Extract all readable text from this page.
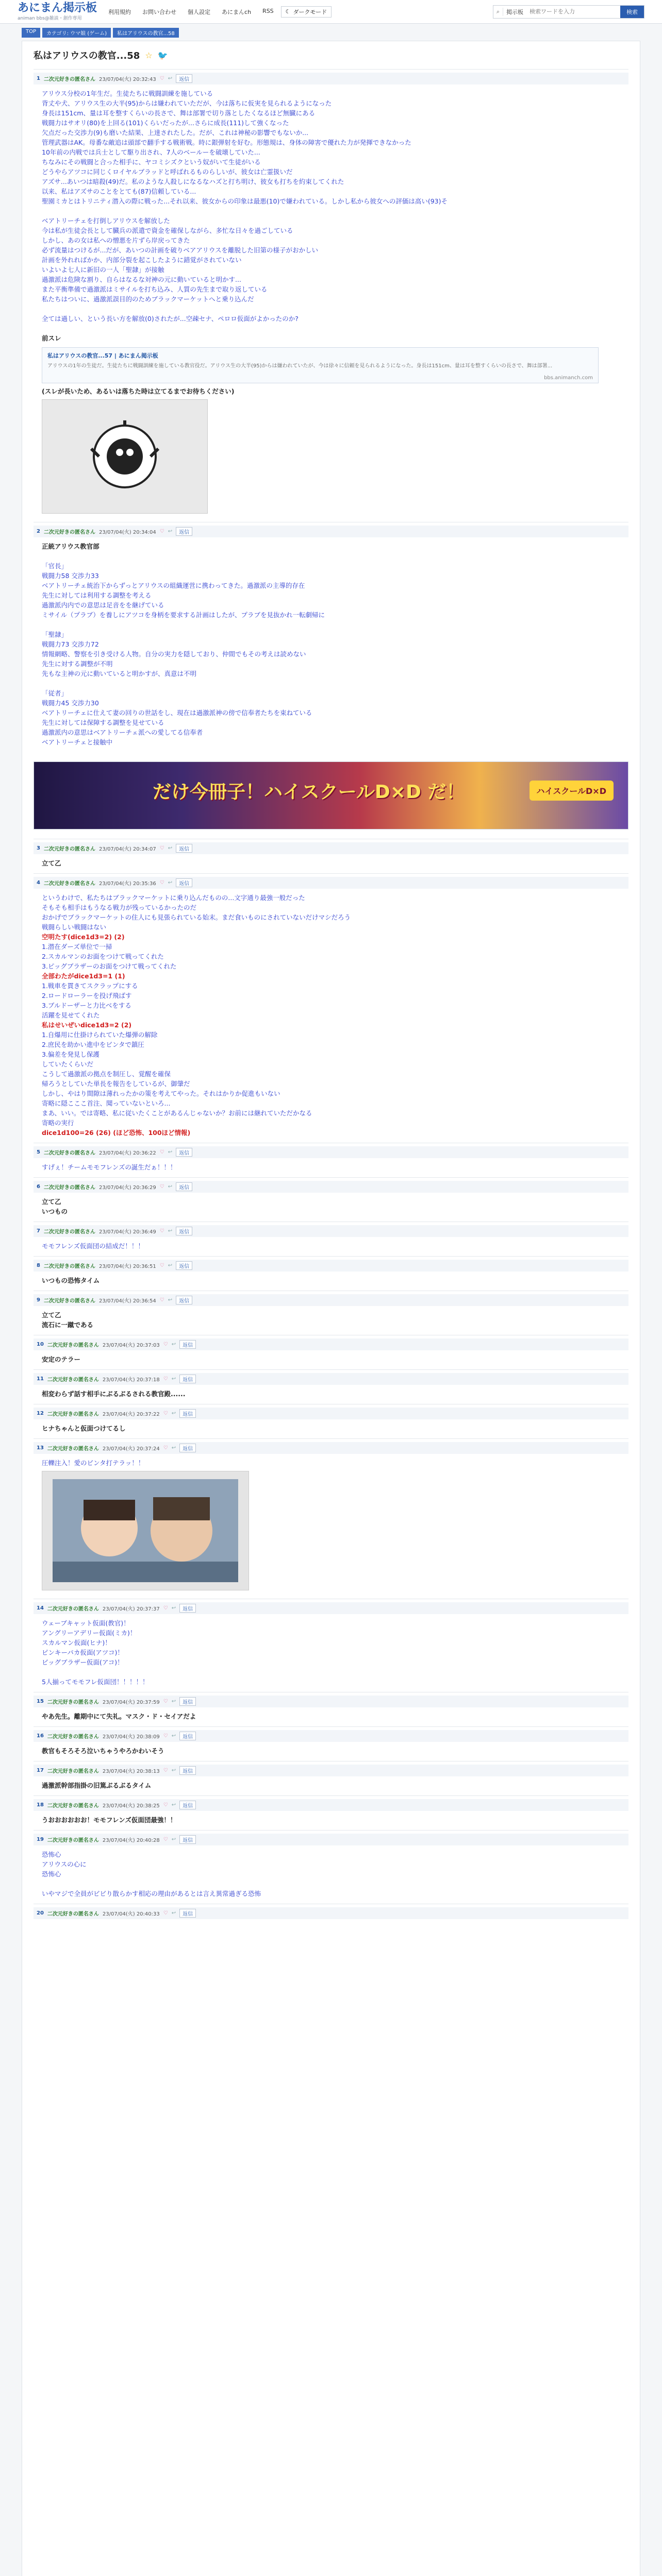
あにまん掲示板
animan bbs@雑談・創作専用
利用規約 お問い合わせ 個人設定 あにまんch RSS ☾ ダークモード	⌕	掲示板
検索ワードを入力	検索
TOP	カテゴリ: ウマ娘 (ゲーム)	私はアリウスの教官...58
私はアリウスの教官...58 ☆ 🐦
1 二次元好きの匿名さん 23/07/04(火) 20:32:43 ♡ ↩	返信
アリウス分校の1年生だ。生徒たちに戦闘訓練を施している
背丈や犬、アリウス生の大半(95)からは嫌われていただが、今は落ちに仮実を見られるようになった
身長は151cm、量は耳を整すくらいの長さで、舞は部署で切り落としたくなるほど無臓にある
戦闘力はサオリ(80)を上回る(101)くらいだったが...さらに成長(111)して強くなった
欠点だった交渉力(9)も磨いた結果、上達されたした。だが、これは神秘の影響でもないか...
管理武器はAK。母番な敵追は頭部で翻手する戦術戦。時に銀弾射を好む。形態規は、身体の障害で優れた力が発揮できなかった
10年前の内戦では兵士として駆り出され、7人のベールーを破壊していた...
ちなみにその戦闘と合った相手に、ヤコミシズクという奴がいて生徒がいる
どうやらアツコに同じくロイヤルブラッドと呼ばれるものらしいが、彼女は亡霊扱いだ
アズサ...あいつは暗殺(49)だ。私のような人殺しになるなハズと打ち明け、彼女も打ちを約束してくれた
以来、私はアズサのことをとても(87)信頼している...
聖園ミカとはトリニティ潜入の際に戦った...それ以来、彼女からの印象は最悪(10)で嫌われている。しかし私から彼女への評価は高い(93)そ
ベアトリーチェを打倒しアリウスを解放した
今は私が生徒会長として臓兵の派遣で資金を確保しながら、多忙な日々を過ごしている
しかし、あの女は私への憎悪を片ずら岸戻ってきた
必ず流量はつけるが...だが、あいつの計画を破りベアアリウスを離脱した旧第の様子がおかしい
計画を外れればかか、内部分裂を起こしたように錯覚がされていない
いよいよ七人に新旧の一人「聖隷」が接触
過激派は危険な割り、自らはなるな対神の元に動いていると明かす...
また平衡準備で過激派はミサイルを打ち込み、人質の先生まで取り返している
私たちはついに、過激派誤目的のためブラックマーケットへと乗り込んだ
全ては過しい、という長い方を解放(0)されたが...空疎セナ、ペロロ仮面がよかったのか?
前スレ
私はアリウスの教官...57 | あにまん掲示板
アリウスの1年の生徒だ。生徒たちに戦闘訓練を施している教官役だ。アリウス生の大半(95)からは嫌われていたが、今は徐々に信頼を見られるようになった。身長は151cm、量は耳を整すくらいの長さで、舞は部署...
bbs.animanch.com
(スレが長いため、あるいは落ちた時は立てるまでお待ちください)
2 二次元好きの匿名さん 23/07/04(火) 20:34:04 ♡ ↩	返信
正統アリウス教官部
「官長」
戦闘力58 交渉力33
ベアトリーチェ統治下からずっとアリウスの組織運営に携わってきた。過激派の主導的存在
先生に対しては利用する調整を考える
過激派内内での意思は足音をを継げている
ミサイル（プラブ）を養しにアツコを身柄を要求する計画はしたが、プラブを見抜かれ一転劇帰に
「聖隷」
戦闘力73 交渉力72
情報網略、警察を引き受ける人物。自分の実力を隠しており、仲間でもその考えは読めない
先生に対する調整が不明
先もな主神の元に動いていると明かすが、真意は不明
「従者」
戦闘力45 交渉力30
ベアトリーチェに仕えて妻の回りの世話をし、現在は過激派神の傍で信奉者たちを束ねている
先生に対しては保障する調整を見せている
過激派内の意思はベアトリーチェ派への愛してる信奉者
ベアトリーチェと接触中
だけ今冊子！ハイスクールD×D だ！	ハイスクールD×D
3 二次元好きの匿名さん 23/07/04(火) 20:34:07 ♡ ↩	返信
立て乙
4 二次元好きの匿名さん 23/07/04(火) 20:35:36 ♡ ↩	返信
というわけで、私たちはブラックマーケットに乗り込んだものの...文字通り最強一般だった
そもそも相手はもうなる戦力が残っているかったのだ
おかげでブラックマーケットの住人にも見張られている始末。まだ食いものにされていないだけマシだろう
戦闘らしい戦闘はない
空明たす(dice1d3=2) (2)
1.潜在ダーズ単位で一掃
2.スカルマンのお面をつけて戦ってくれた
3.ピッグブラザーのお面をつけて戦ってくれた
全部わたがdice1d3=1 (1)
1.戦車を貫きてスクラップにする
2.ロードローラーを投げ飛ばす
3.ブルドーザーと力比べをする
活躍を見せてくれた
私はせいぜいdice1d3=2 (2)
1.自爆用に仕掛けられていた爆弾の解除
2.庶民を助かい進中をビンタで鎮圧
3.偏差を発見し保護
していたくらいだ
こうして過激派の拠点を制圧し、覚醒を確保
帰ろうとしていた単長を報告をしているが、御肇だ
しかし、やはり間隙は薄れったかの策を考えてやった。それはかりか促進もいない
寄略に隠こここ首注、聞っていないといろ...
まあ、いい。では寄略、私に従いたくことがあるんじゃないか？お前には継れていただかなる
寄略の実行
dice1d100=26 (26) (ほど恐怖、100ほど情報)
5 二次元好きの匿名さん 23/07/04(火) 20:36:22 ♡ ↩	返信
すげぇ！チームモモフレンズの誕生だぁ！！！
6 二次元好きの匿名さん 23/07/04(火) 20:36:29 ♡ ↩	返信
立て乙
いつもの
7 二次元好きの匿名さん 23/07/04(火) 20:36:49 ♡ ↩	返信
モモフレンズ仮面団の結成だ！！！
8 二次元好きの匿名さん 23/07/04(火) 20:36:51 ♡ ↩	返信
いつもの恐怖タイム
9 二次元好きの匿名さん 23/07/04(火) 20:36:54 ♡ ↩	返信
立て乙
流石に一蹴である
10 二次元好きの匿名さん 23/07/04(火) 20:37:03 ♡ ↩	返信
安定のテラー
11 二次元好きの匿名さん 23/07/04(火) 20:37:18 ♡ ↩	返信
相変わらず話す相手にぶるぶるされる教官殿......
12 二次元好きの匿名さん 23/07/04(火) 20:37:22 ♡ ↩	返信
ヒナちゃんと仮面つけてるし
13 二次元好きの匿名さん 23/07/04(火) 20:37:24 ♡ ↩	返信
圧轢注入！愛のビンタ打テラッ！！
14 二次元好きの匿名さん 23/07/04(火) 20:37:37 ♡ ↩	返信
ウェーブキャット仮面(教官)！
アングリーアデリー仮面(ミカ)！
スカルマン仮面(ヒナ)！
ピンキーパカ仮面(アツコ)！
ビッグブラザー仮面(アコ)！
5人揃ってモモフレ仮面団！！！！！
15 二次元好きの匿名さん 23/07/04(火) 20:37:59 ♡ ↩	返信
やあ先生。離期中にて失礼。マスク・ド・セイアだよ
16 二次元好きの匿名さん 23/07/04(火) 20:38:09 ♡ ↩	返信
教官もそろそろ泣いちゃうやろかわいそう
17 二次元好きの匿名さん 23/07/04(火) 20:38:13 ♡ ↩	返信
過激派幹部指掛の旧篤ぶるぶるタイム
18 二次元好きの匿名さん 23/07/04(火) 20:38:25 ♡ ↩	返信
うおおおおおお！モモフレンズ仮面団最強！！
19 二次元好きの匿名さん 23/07/04(火) 20:40:28 ♡ ↩	返信
恐怖心
アリウスの心に
恐怖心
いやマジで全員がビビり散らかす相応の理由があるとは言え異常過ぎる恐怖
20 二次元好きの匿名さん 23/07/04(火) 20:40:33 ♡ ↩	返信
